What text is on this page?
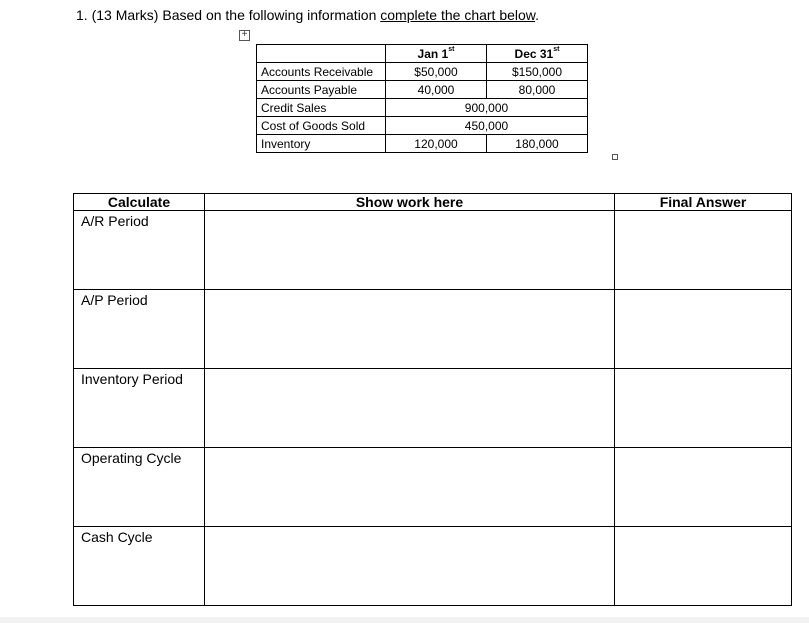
1. (13 Marks) Based on the following information complete the chart below.
+
	Jan 1st	Dec 31st
Accounts Receivable	$50,000	$150,000
Accounts Payable	40,000	80,000
Credit Sales	900,000	
Cost of Goods Sold	450,000	
Inventory	120,000	180,000
Calculate	Show work here	Final Answer
A/R Period		
A/P Period		
Inventory Period		
Operating Cycle		
Cash Cycle		
